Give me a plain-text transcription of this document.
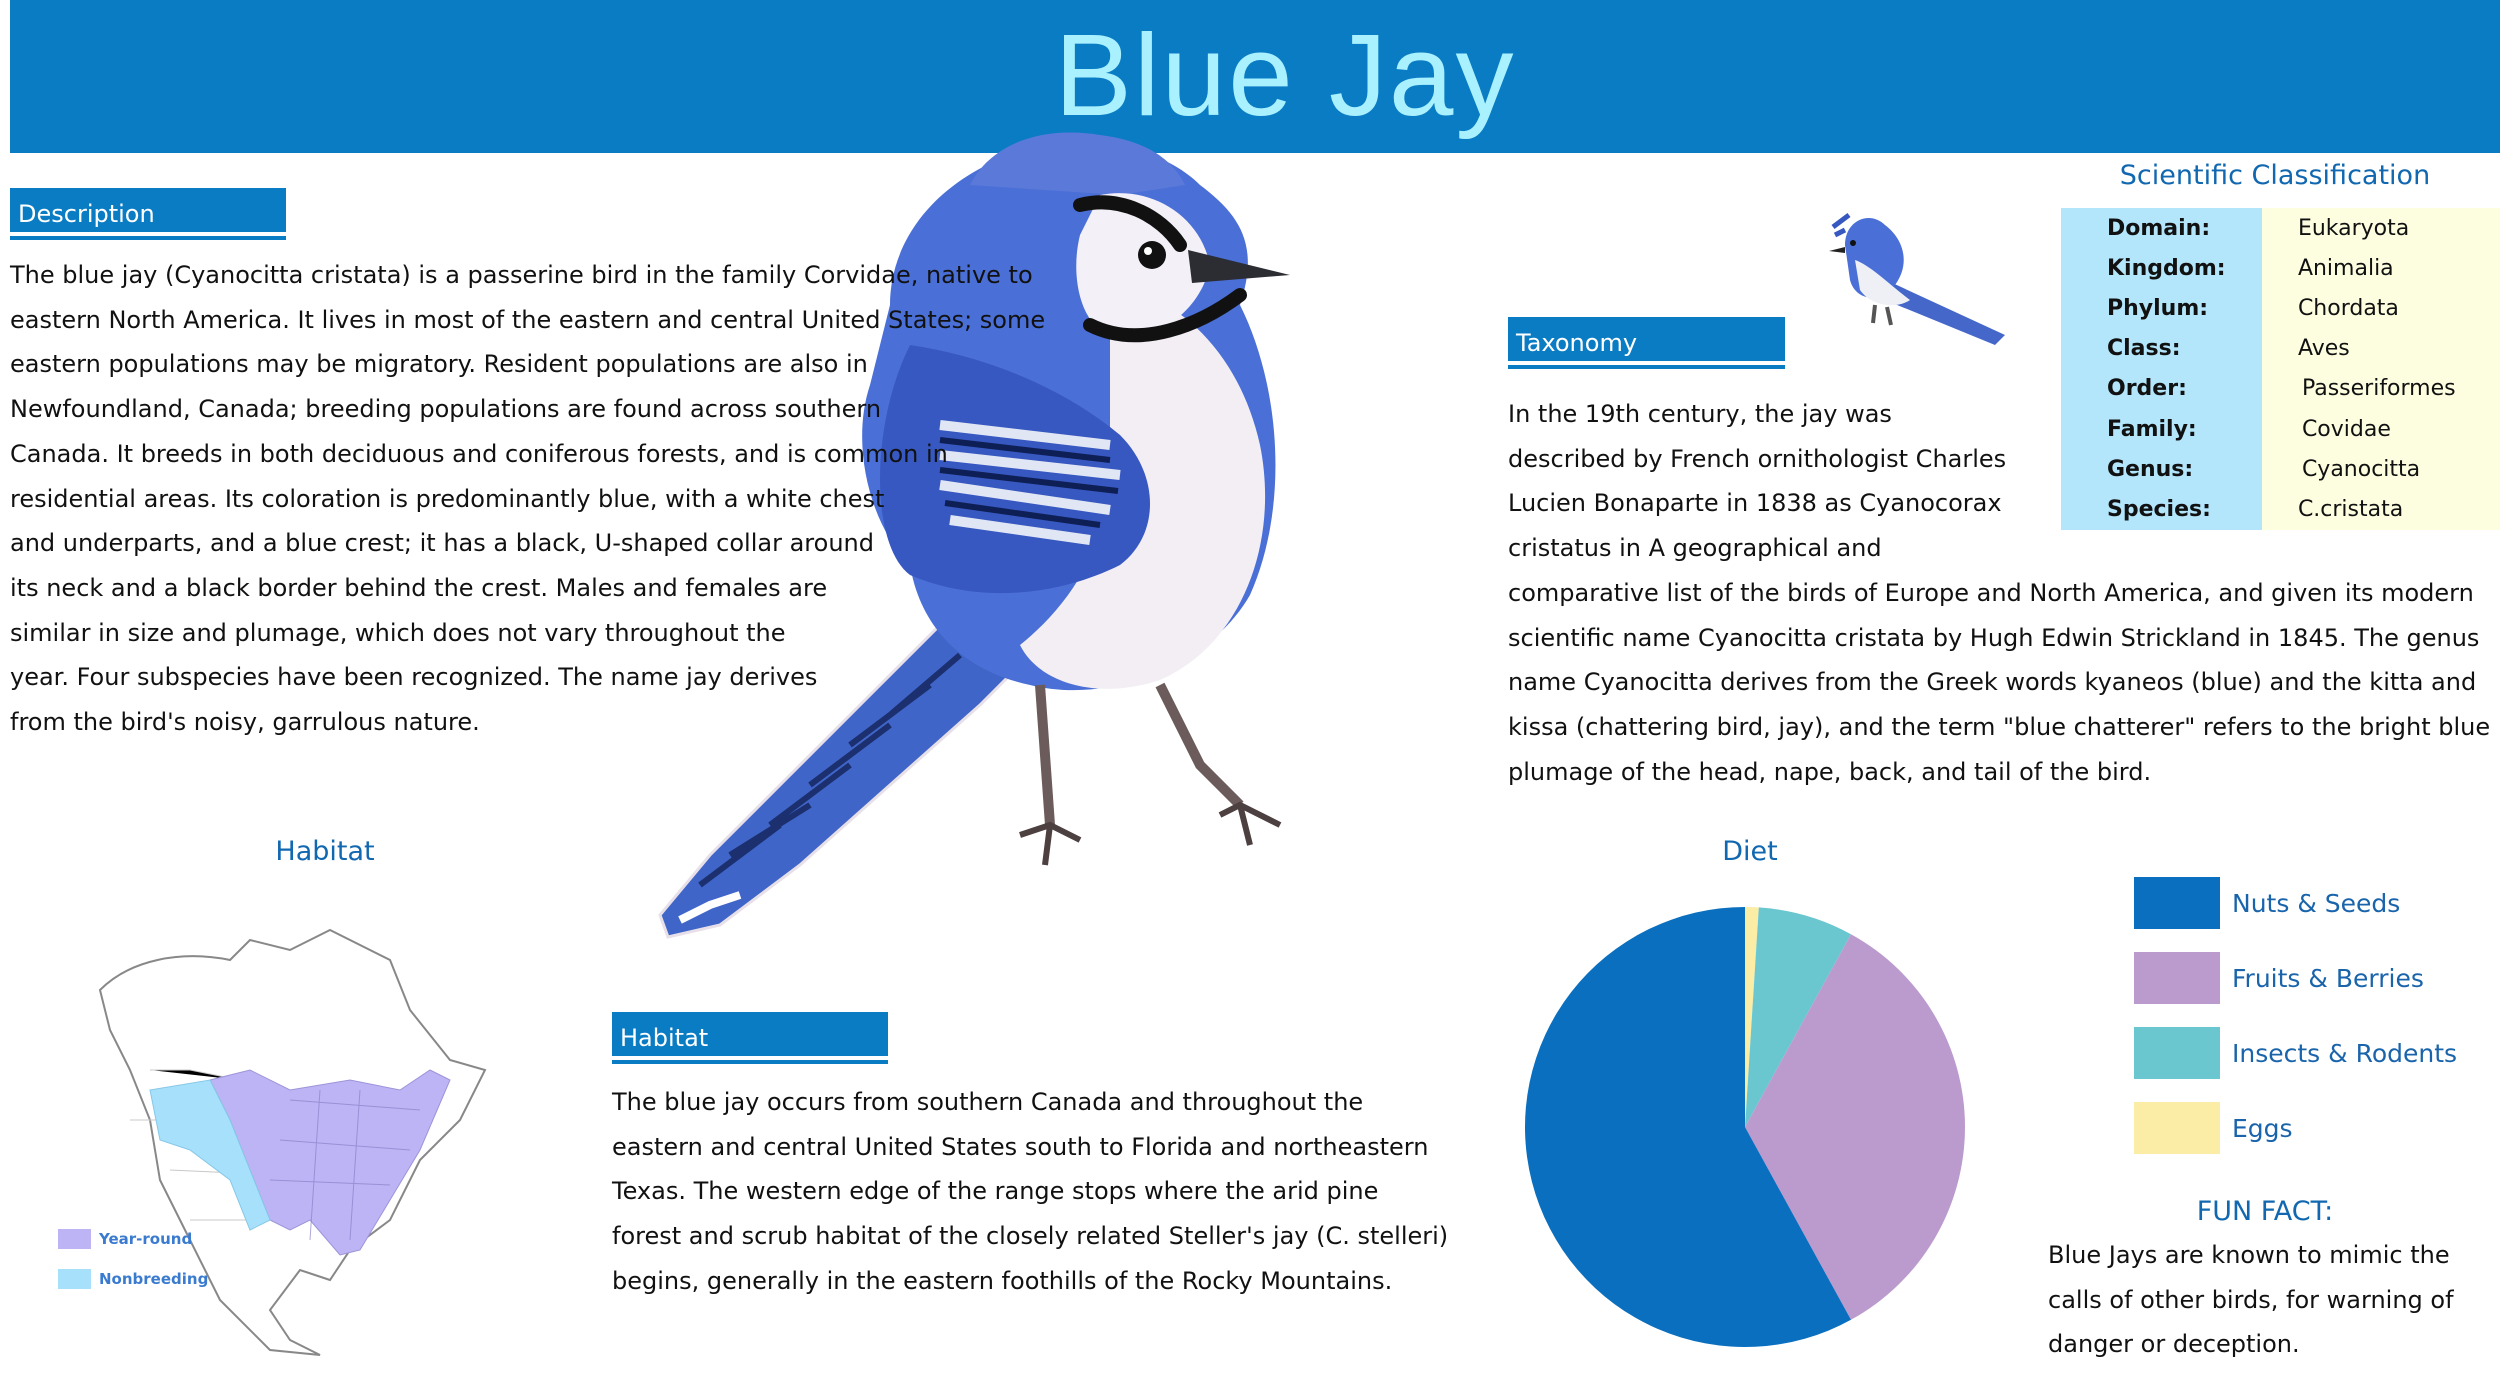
Blue Jay
Description
The blue jay (Cyanocitta cristata) is a passerine bird in the family Corvidae, native to
eastern North America. It lives in most of the eastern and central United States; some
eastern populations may be migratory. Resident populations are also in
Newfoundland, Canada; breeding populations are found across southern
Canada. It breeds in both deciduous and coniferous forests, and is common in
residential areas. Its coloration is predominantly blue, with a white chest
and underparts, and a blue crest; it has a black, U-shaped collar around
its neck and a black border behind the crest. Males and females are
similar in size and plumage, which does not vary throughout the
year. Four subspecies have been recognized. The name jay derives
from the bird's noisy, garrulous nature.
Taxonomy
In the 19th century, the jay was
described by French ornithologist Charles
Lucien Bonaparte in 1838 as Cyanocorax
cristatus in A geographical and
comparative list of the birds of Europe and North America, and given its modern
scientific name Cyanocitta cristata by Hugh Edwin Strickland in 1845. The genus
name Cyanocitta derives from the Greek words kyaneos (blue) and the kitta and
kissa (chattering bird, jay), and the term "blue chatterer" refers to the bright blue
plumage of the head, nape, back, and tail of the bird.
Scientific Classification
Domain:	Eukaryota
Kingdom:	Animalia
Phylum:	Chordata
Class:	Aves
Order:	Passeriformes
Family:	Covidae
Genus:	Cyanocitta
Species:	C.cristata
Habitat
Year-round
Nonbreeding
Habitat
The blue jay occurs from southern Canada and throughout the
eastern and central United States south to Florida and northeastern
Texas. The western edge of the range stops where the arid pine
forest and scrub habitat of the closely related Steller's jay (C. stelleri)
begins, generally in the eastern foothills of the Rocky Mountains.
Diet
Nuts & Seeds
Fruits & Berries
Insects & Rodents
Eggs
FUN FACT:
Blue Jays are known to mimic the
calls of other birds, for warning of
danger or deception.
